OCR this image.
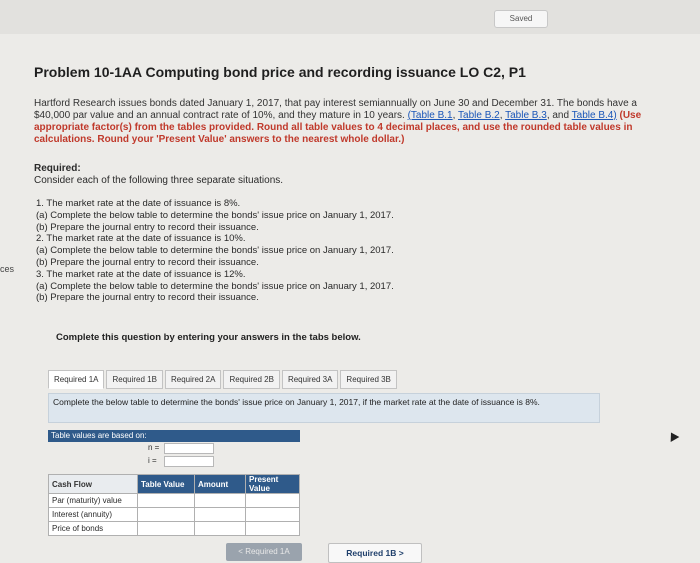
Saved
ces
Problem 10-1AA Computing bond price and recording issuance LO C2, P1
Hartford Research issues bonds dated January 1, 2017, that pay interest semiannually on June 30 and December 31. The bonds have a $40,000 par value and an annual contract rate of 10%, and they mature in 10 years. (Table B.1, Table B.2, Table B.3, and Table B.4) (Use appropriate factor(s) from the tables provided. Round all table values to 4 decimal places, and use the rounded table values in calculations. Round your 'Present Value' answers to the nearest whole dollar.)
Required:
Consider each of the following three separate situations.
1. The market rate at the date of issuance is 8%.
(a) Complete the below table to determine the bonds' issue price on January 1, 2017.
(b) Prepare the journal entry to record their issuance.
2. The market rate at the date of issuance is 10%.
(a) Complete the below table to determine the bonds' issue price on January 1, 2017.
(b) Prepare the journal entry to record their issuance.
3. The market rate at the date of issuance is 12%.
(a) Complete the below table to determine the bonds' issue price on January 1, 2017.
(b) Prepare the journal entry to record their issuance.
Complete this question by entering your answers in the tabs below.
Required 1A	Required 1B	Required 2A	Required 2B	Required 3A	Required 3B
Complete the below table to determine the bonds' issue price on January 1, 2017, if the market rate at the date of issuance is 8%.
Table values are based on:
n =
i =
Cash Flow	Table Value	Amount	Present Value
Par (maturity) value			
Interest (annuity)			
Price of bonds			
< Required 1A	Required 1B >
